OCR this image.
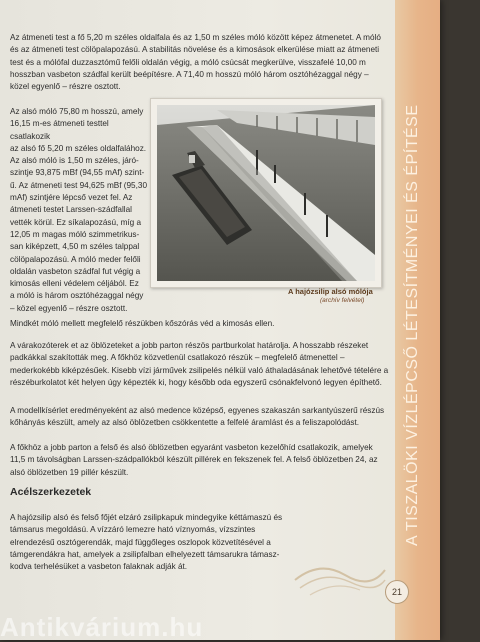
A TISZALÖKI VÍZLÉPCSŐ LÉTESÍTMÉNYEI ÉS ÉPÍTÉSE

Az átmeneti test a fő 5,20 m széles oldalfala és az 1,50 m széles móló között képez átmenetet. A móló és az átmeneti test cölöpalapozású. A stabilitás növelése és a kimosások elkerülése miatt az átmeneti test és a mólófal duzzasztómű felőli oldalán végig, a móló csúcsát megkerülve, visszafelé 10,00 m hosszban vasbeton szádfal került beépítésre. A 71,40 m hosszú móló három osztóhézaggal négy – közel egyenlő – részre osztott.

Az alsó móló 75,80 m hosszú, amely
16,15 m-es átmeneti testtel csatlakozik
az alsó fő 5,20 m széles oldalfalához.
Az alsó móló is 1,50 m széles, járó-
szintje 93,875 mBf (94,55 mAf) szint-
ű. Az átmeneti test 94,625 mBf (95,30
mAf) szintjére lépcső vezet fel. Az
átmeneti testet Larssen-szádfallal
vették körül. Ez síkalapozású, míg a
12,05 m magas móló szimmetrikus-
san kiképzett, 4,50 m széles talppal
cölöpalapozású. A móló meder felőli
oldalán vasbeton szádfal fut végig a
kimosás elleni védelem céljából. Ez
a móló is három osztóhézaggal négy
– közel egyenlő – részre osztott.
A hajózsilip alsó mólója
(archív felvétel)

Mindkét móló mellett megfelelő részükben kőszórás véd a kimosás ellen.

A várakozóterek et az öblözeteket a jobb parton részös partburkolat határolja. A hosszabb részeket padkákkal szakították meg. A főkhöz közvetlenül csatlakozó részük – megfelelő átmenettel – mederkokébb kiképzésűek. Kisebb vízi járművek zsilipelés nélkül való áthaladásának lehetővé tételére a részéburkolatot két helyen úgy képezték ki, hogy később oda egyszerű csónakfelvonó legyen építhető.

A modellkísérlet eredményeként az alsó medence középső, egyenes szakaszán sarkantyúszerű részús kőhányás készült, amely az alsó öblözetben csökkentette a felfelé áramlást és a feliszapolódást.

A főkhöz a jobb parton a felső és alsó öblözetben egyaránt vasbeton kezelőhíd csatlakozik, amelyek 11,5 m távolságban Larssen-szádpallókból készült pillérek en fekszenek fel. A felső öblözetben 24, az alsó öblözetben 19 pillér készült.

Acélszerkezetek

A hajózsilip alsó és felső főjét elzáró zsilipkapuk mindegyike kéttámaszú és támsarus megoldású. A vízzáró lemezre ható víznyomás, vízszintes elrendezésű osztógerendák, majd függőleges oszlopok közvetítésével a támgerendákra hat, amelyek a zsilipfalban elhelyezett támsarukra támasz-kodva terhelésüket a vasbeton falaknak adják át.

21
Antikvárium.hu
